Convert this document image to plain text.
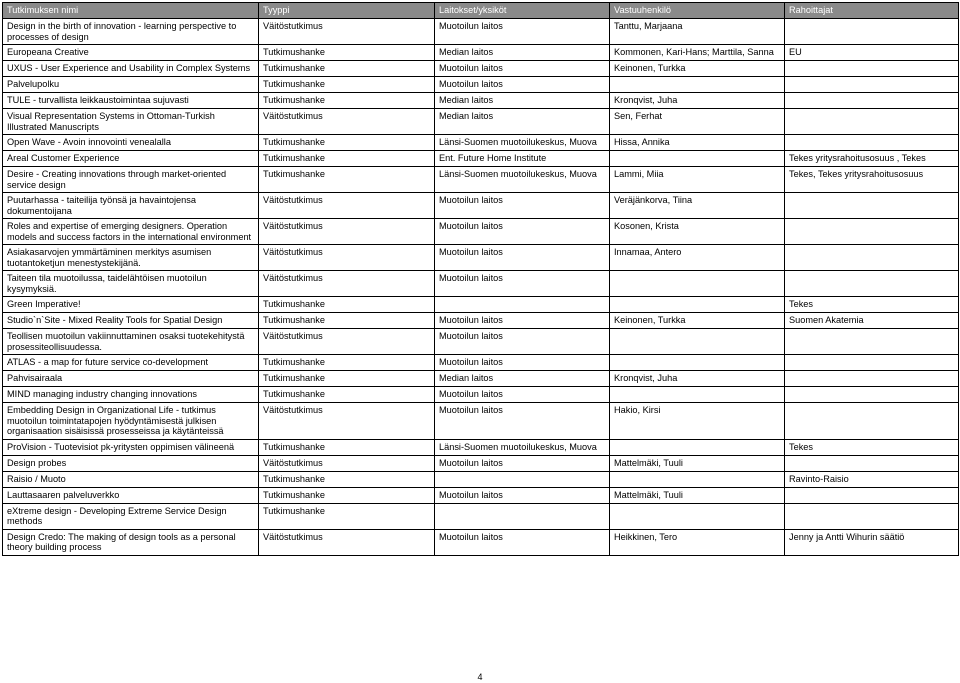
Tutkimuksen nimi	Tyyppi	Laitokset/yksiköt	Vastuuhenkilö	Rahoittajat
Design in the birth of innovation - learning perspective to processes of design	Väitöstutkimus	Muotoilun laitos	Tanttu, Marjaana	
Europeana Creative	Tutkimushanke	Median laitos	Kommonen, Kari-Hans; Marttila, Sanna	EU
UXUS - User Experience and Usability in Complex Systems	Tutkimushanke	Muotoilun laitos	Keinonen, Turkka	
Palvelupolku	Tutkimushanke	Muotoilun laitos		
TULE - turvallista leikkaustoimintaa sujuvasti	Tutkimushanke	Median laitos	Kronqvist, Juha	
Visual Representation Systems in Ottoman-Turkish Illustrated Manuscripts	Väitöstutkimus	Median laitos	Sen, Ferhat	
Open Wave - Avoin innovointi venealalla	Tutkimushanke	Länsi-Suomen muotoilukeskus, Muova	Hissa, Annika	
Areal Customer Experience	Tutkimushanke	Ent. Future Home Institute		Tekes yritysrahoitusosuus , Tekes
Desire - Creating innovations through market-oriented service design	Tutkimushanke	Länsi-Suomen muotoilukeskus, Muova	Lammi, Miia	Tekes, Tekes yritysrahoitusosuus
Puutarhassa - taiteilija työnsä ja havaintojensa dokumentoijana	Väitöstutkimus	Muotoilun laitos	Veräjänkorva, Tiina	
Roles and expertise of emerging designers. Operation models and success factors in the international environment	Väitöstutkimus	Muotoilun laitos	Kosonen, Krista	
Asiakasarvojen ymmärtäminen merkitys asumisen tuotantoketjun menestystekijänä.	Väitöstutkimus	Muotoilun laitos	Innamaa, Antero	
Taiteen tila muotoilussa, taidelähtöisen muotoilun kysymyksiä.	Väitöstutkimus	Muotoilun laitos		
Green Imperative!	Tutkimushanke			Tekes
Studio`n`Site - Mixed Reality Tools for Spatial Design	Tutkimushanke	Muotoilun laitos	Keinonen, Turkka	Suomen Akatemia
Teollisen muotoilun vakiinnuttaminen osaksi tuotekehitystä prosessiteollisuudessa.	Väitöstutkimus	Muotoilun laitos		
ATLAS - a map for future service co-development	Tutkimushanke	Muotoilun laitos		
Pahvisairaala	Tutkimushanke	Median laitos	Kronqvist, Juha	
MIND managing industry changing innovations	Tutkimushanke	Muotoilun laitos		
Embedding Design in Organizational Life - tutkimus muotoilun toimintatapojen hyödyntämisestä julkisen organisaation sisäisissä prosesseissa ja käytänteissä	Väitöstutkimus	Muotoilun laitos	Hakio, Kirsi	
ProVision - Tuotevisiot pk-yritysten oppimisen välineenä	Tutkimushanke	Länsi-Suomen muotoilukeskus, Muova		Tekes
Design probes	Väitöstutkimus	Muotoilun laitos	Mattelmäki, Tuuli	
Raisio / Muoto	Tutkimushanke			Ravinto-Raisio
Lauttasaaren palveluverkko	Tutkimushanke	Muotoilun laitos	Mattelmäki, Tuuli	
eXtreme design - Developing Extreme Service Design methods	Tutkimushanke			
Design Credo: The making of design tools as a personal theory building process	Väitöstutkimus	Muotoilun laitos	Heikkinen, Tero	Jenny ja Antti Wihurin säätiö
4
